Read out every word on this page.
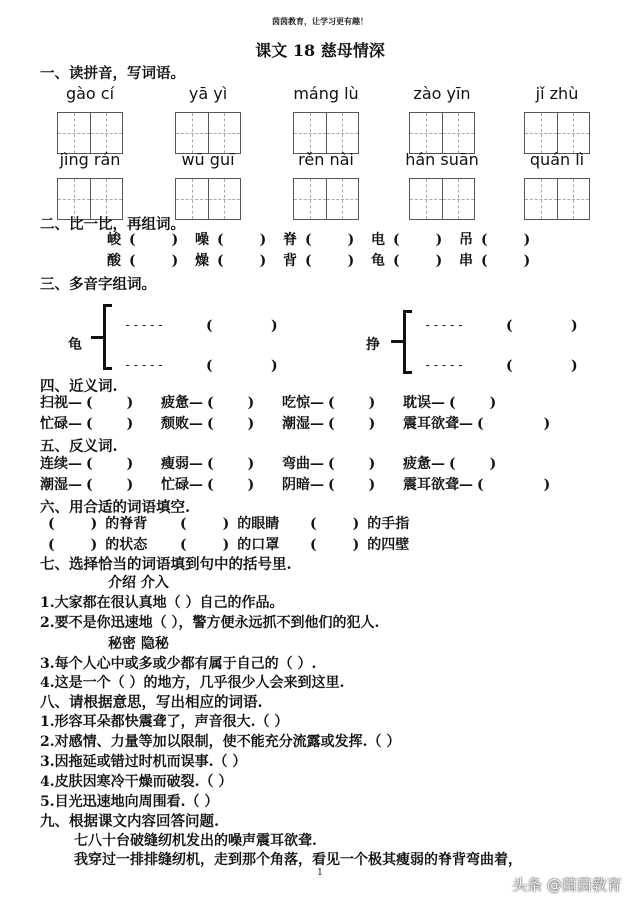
茵茵教育，让学习更有趣！
课文 18 慈母情深
一、读拼音，写词语。
gào cí	yā yì	máng lù	zào yīn	jǐ zhù
jìng rán	wū guī	rěn nài	hán suān	quán lì
二、比一比，再组词。
峻 (	) 噪 (	) 脊 (	) 电 (	) 吊 (	)
酸 (	) 燥 (	) 背 (	) 龟 (	) 串 (	)
三、多音字组词。
龟
-----	(	)
-----	(	)
挣
-----	(	)
-----	(	)
四、近义词.
扫视— ( ) 疲惫— ( ) 吃惊— ( ) 耽误— ( )
忙碌— ( ) 颓败— ( ) 潮湿— ( ) 震耳欲聋— (	)
五、反义词.
连续— ( ) 瘦弱— ( ) 弯曲— ( ) 疲惫— ( )
潮湿— ( ) 忙碌— ( ) 阴暗— ( ) 震耳欲聋— (	)
六、用合适的词语填空.
(	) 的脊背 (	) 的眼睛 (	) 的手指
(	) 的状态 (	) 的口罩 (	) 的四壁
七、选择恰当的词语填到句中的括号里.
介绍 介入
1.大家都在很认真地（ ）自己的作品。
2.要不是你迅速地（ ），警方便永远抓不到他们的犯人.
秘密 隐秘
3.每个人心中或多或少都有属于自己的（ ）.
4.这是一个（ ）的地方，几乎很少人会来到这里.
八、请根据意思，写出相应的词语.
1.形容耳朵都快震聋了，声音很大.（ ）
2.对感情、力量等加以限制，使不能充分流露或发挥.（ ）
3.因拖延或错过时机而误事.（ ）
4.皮肤因寒冷干燥而破裂.（ ）
5.目光迅速地向周围看.（ ）
九、根据课文内容回答问题.
七八十台破缝纫机发出的噪声震耳欲聋.
我穿过一排排缝纫机，走到那个角落，看见一个极其瘦弱的脊背弯曲着，
1
头条 @茵茵教育
